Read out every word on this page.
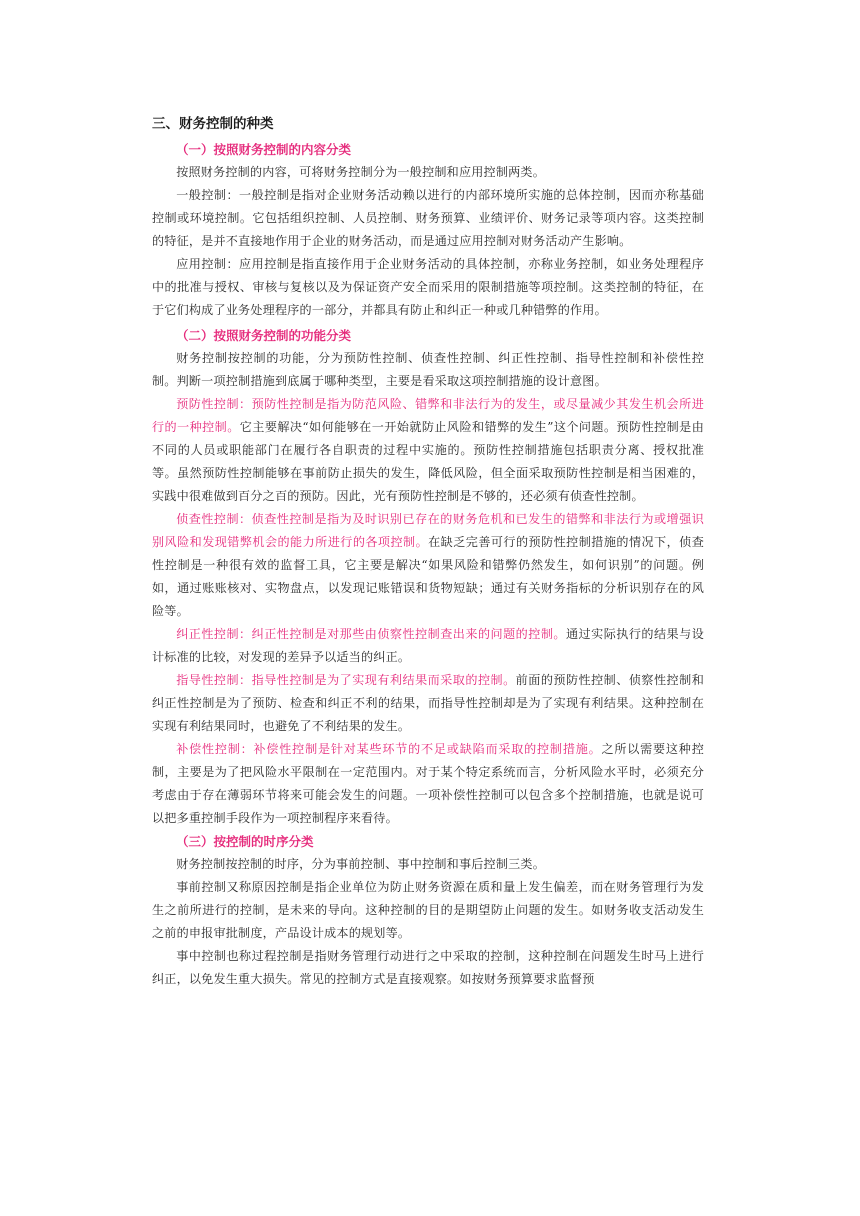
三、财务控制的种类
（一）按照财务控制的内容分类

按照财务控制的内容，可将财务控制分为一般控制和应用控制两类。

一般控制：一般控制是指对企业财务活动赖以进行的内部环境所实施的总体控制，因而亦称基础控制或环境控制。它包括组织控制、人员控制、财务预算、业绩评价、财务记录等项内容。这类控制的特征，是并不直接地作用于企业的财务活动，而是通过应用控制对财务活动产生影响。

应用控制：应用控制是指直接作用于企业财务活动的具体控制，亦称业务控制，如业务处理程序中的批准与授权、审核与复核以及为保证资产安全而采用的限制措施等项控制。这类控制的特征，在于它们构成了业务处理程序的一部分，并都具有防止和纠正一种或几种错弊的作用。

（二）按照财务控制的功能分类

财务控制按控制的功能，分为预防性控制、侦查性控制、纠正性控制、指导性控制和补偿性控制。判断一项控制措施到底属于哪种类型，主要是看采取这项控制措施的设计意图。

预防性控制：预防性控制是指为防范风险、错弊和非法行为的发生，或尽量减少其发生机会所进行的一种控制。它主要解决“如何能够在一开始就防止风险和错弊的发生”这个问题。预防性控制是由不同的人员或职能部门在履行各自职责的过程中实施的。预防性控制措施包括职责分离、授权批准等。虽然预防性控制能够在事前防止损失的发生，降低风险，但全面采取预防性控制是相当困难的，实践中很难做到百分之百的预防。因此，光有预防性控制是不够的，还必须有侦查性控制。

侦查性控制：侦查性控制是指为及时识别已存在的财务危机和已发生的错弊和非法行为或增强识别风险和发现错弊机会的能力所进行的各项控制。在缺乏完善可行的预防性控制措施的情况下，侦查性控制是一种很有效的监督工具，它主要是解决“如果风险和错弊仍然发生，如何识别”的问题。例如，通过账账核对、实物盘点，以发现记账错误和货物短缺；通过有关财务指标的分析识别存在的风险等。

纠正性控制：纠正性控制是对那些由侦察性控制查出来的问题的控制。通过实际执行的结果与设计标准的比较，对发现的差异予以适当的纠正。

指导性控制：指导性控制是为了实现有利结果而采取的控制。前面的预防性控制、侦察性控制和纠正性控制是为了预防、检查和纠正不利的结果，而指导性控制却是为了实现有利结果。这种控制在实现有利结果同时，也避免了不利结果的发生。

补偿性控制：补偿性控制是针对某些环节的不足或缺陷而采取的控制措施。之所以需要这种控制，主要是为了把风险水平限制在一定范围内。对于某个特定系统而言，分析风险水平时，必须充分考虑由于存在薄弱环节将来可能会发生的问题。一项补偿性控制可以包含多个控制措施，也就是说可以把多重控制手段作为一项控制程序来看待。

（三）按控制的时序分类

财务控制按控制的时序，分为事前控制、事中控制和事后控制三类。

事前控制又称原因控制是指企业单位为防止财务资源在质和量上发生偏差，而在财务管理行为发生之前所进行的控制，是未来的导向。这种控制的目的是期望防止问题的发生。如财务收支活动发生之前的申报审批制度，产品设计成本的规划等。

事中控制也称过程控制是指财务管理行动进行之中采取的控制，这种控制在问题发生时马上进行纠正，以免发生重大损失。常见的控制方式是直接观察。如按财务预算要求监督预
